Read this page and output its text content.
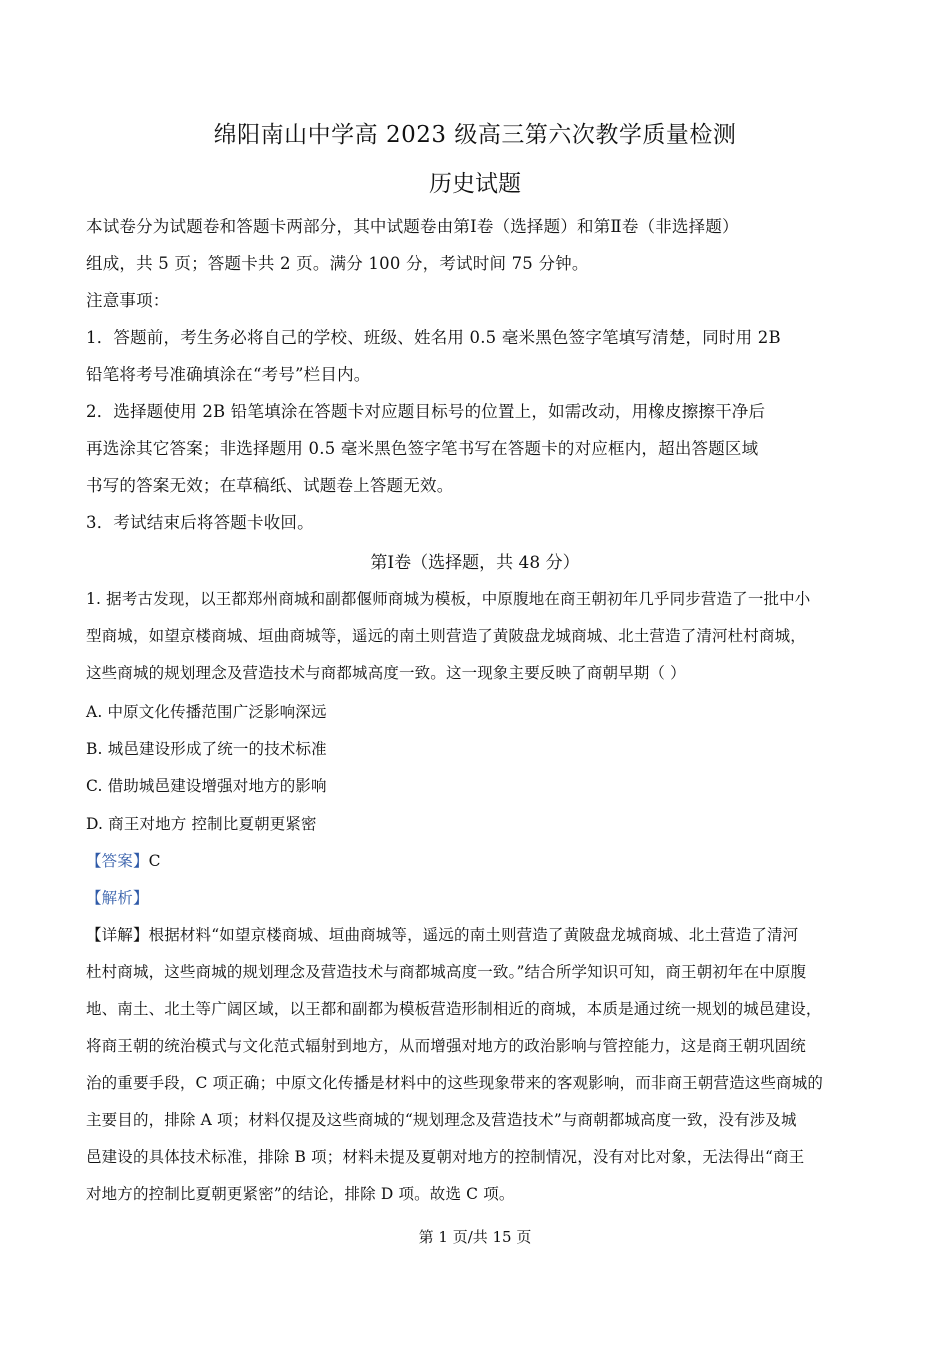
绵阳南山中学高 2023 级高三第六次教学质量检测
历史试题
本试卷分为试题卷和答题卡两部分，其中试题卷由第Ⅰ卷（选择题）和第Ⅱ卷（非选择题）
组成，共 5 页；答题卡共 2 页。满分 100 分，考试时间 75 分钟。
注意事项：
1．答题前，考生务必将自己的学校、班级、姓名用 0.5 毫米黑色签字笔填写清楚，同时用 2B
铅笔将考号准确填涂在“考号”栏目内。
2．选择题使用 2B 铅笔填涂在答题卡对应题目标号的位置上，如需改动，用橡皮擦擦干净后
再选涂其它答案；非选择题用 0.5 毫米黑色签字笔书写在答题卡的对应框内，超出答题区域
书写的答案无效；在草稿纸、试题卷上答题无效。
3．考试结束后将答题卡收回。
第Ⅰ卷（选择题，共 48 分）
1. 据考古发现，以王都郑州商城和副都偃师商城为模板，中原腹地在商王朝初年几乎同步营造了一批中小
型商城，如望京楼商城、垣曲商城等，遥远的南土则营造了黄陂盘龙城商城、北土营造了清河杜村商城，
这些商城的规划理念及营造技术与商都城高度一致。这一现象主要反映了商朝早期（ ）
A. 中原文化传播范围广泛影响深远
B. 城邑建设形成了统一的技术标准
C. 借助城邑建设增强对地方的影响
D. 商王对地方 控制比夏朝更紧密
【答案】C
【解析】
【详解】根据材料“如望京楼商城、垣曲商城等，遥远的南土则营造了黄陂盘龙城商城、北土营造了清河
杜村商城，这些商城的规划理念及营造技术与商都城高度一致。”结合所学知识可知，商王朝初年在中原腹
地、南土、北土等广阔区域，以王都和副都为模板营造形制相近的商城，本质是通过统一规划的城邑建设，
将商王朝的统治模式与文化范式辐射到地方，从而增强对地方的政治影响与管控能力，这是商王朝巩固统
治的重要手段，C 项正确；中原文化传播是材料中的这些现象带来的客观影响，而非商王朝营造这些商城的
主要目的，排除 A 项；材料仅提及这些商城的“规划理念及营造技术”与商朝都城高度一致，没有涉及城
邑建设的具体技术标准，排除 B 项；材料未提及夏朝对地方的控制情况，没有对比对象，无法得出“商王
对地方的控制比夏朝更紧密”的结论，排除 D 项。故选 C 项。
第 1 页/共 15 页
